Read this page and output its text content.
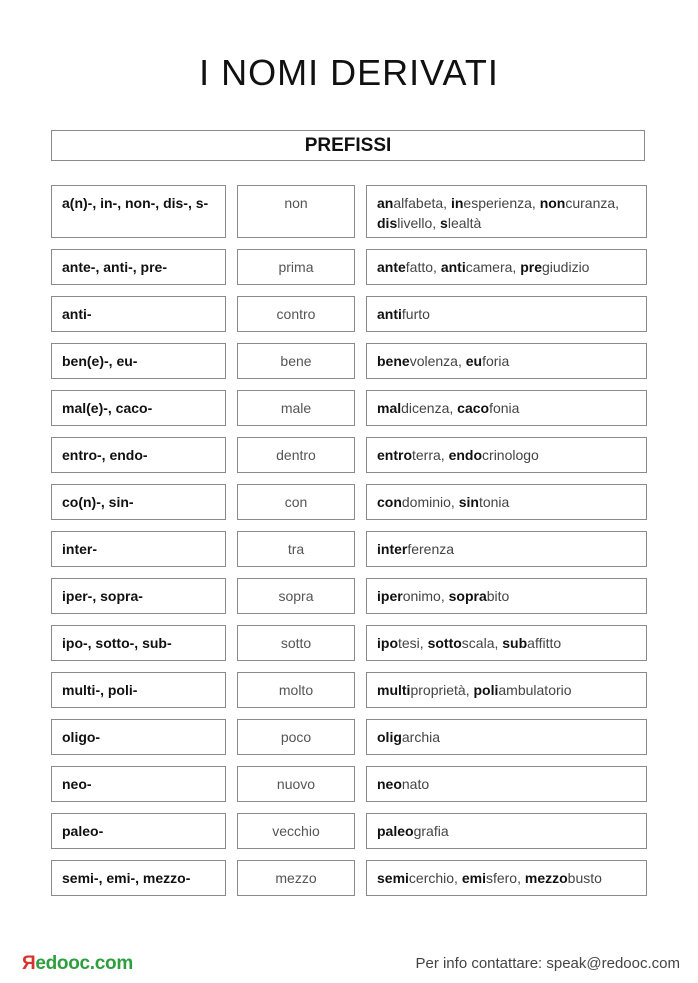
I NOMI DERIVATI
PREFISSI
a(n)-, in-, non-, dis-, s-	non	analfabeta, inesperienza, noncuranza, dislivello, slealtà
ante-, anti-, pre-	prima	antefatto, anticamera, pregiudizio
anti-	contro	antifurto
ben(e)-, eu-	bene	benevolenza, euforia
mal(e)-, caco-	male	maldicenza, cacofonia
entro-, endo-	dentro	entroterra, endocrinologo
co(n)-, sin-	con	condominio, sintonia
inter-	tra	interferenza
iper-, sopra-	sopra	iperonimo, soprabito
ipo-, sotto-, sub-	sotto	ipotesi, sottoscala, subaffitto
multi-, poli-	molto	multiproprietà, poliambulatorio
oligo-	poco	oligarchia
neo-	nuovo	neonato
paleo-	vecchio	paleografia
semi-, emi-, mezzo-	mezzo	semicerchio, emisfero, mezzobusto
Яedooc.com	Per info contattare: speak@redooc.com
